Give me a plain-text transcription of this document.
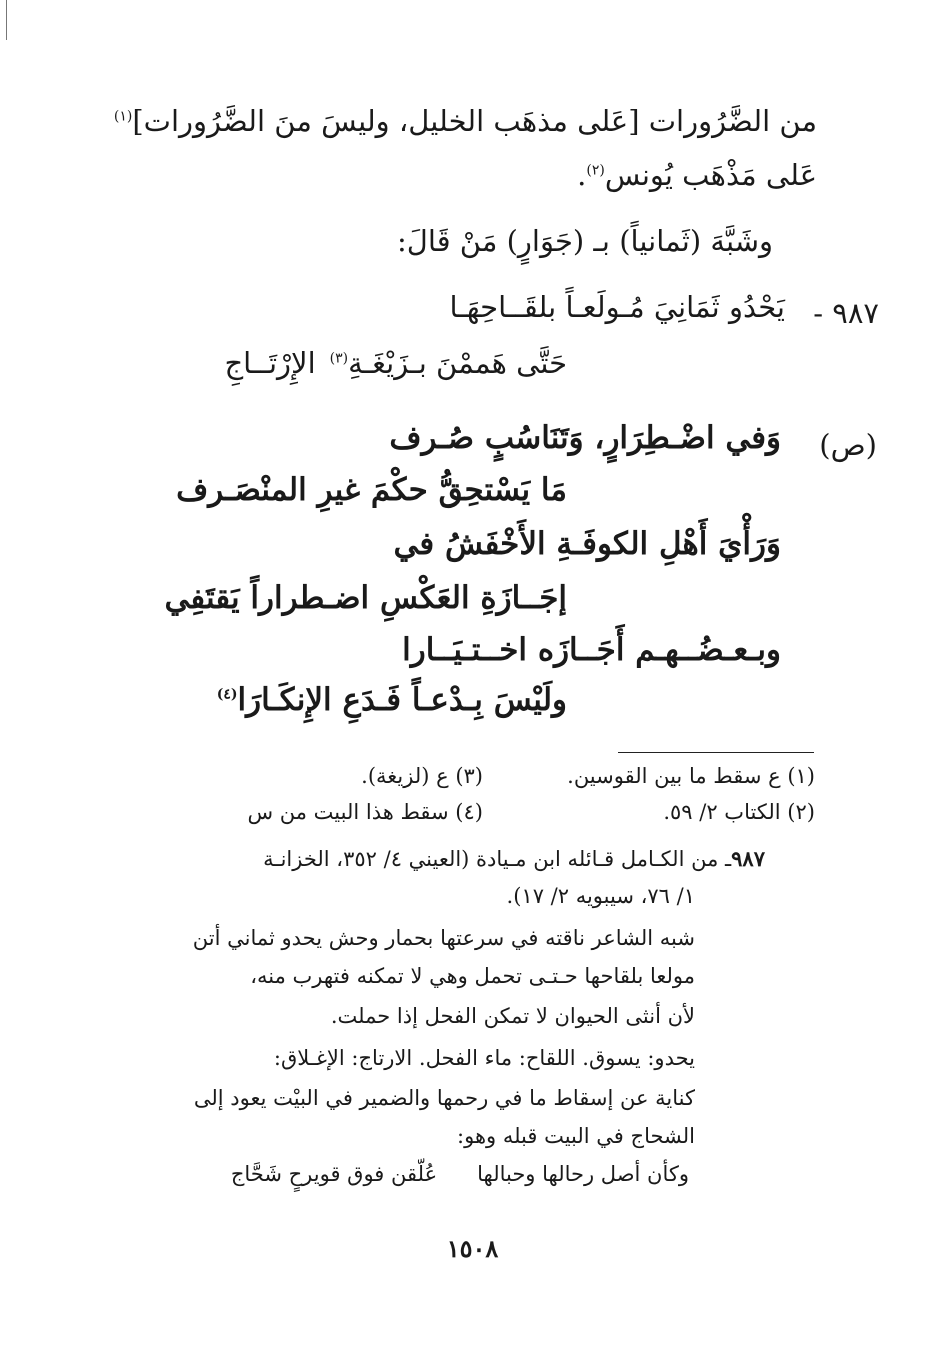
من الضَّرُورات [عَلى مذهَب الخليل، وليسَ منَ الضَّرُورات]$^{(١)}$
عَلى مَذْهَب يُونس$^{(٢)}$.
وشَبَّهَ (ثَمانياً) بـ (جَوَارٍ) مَنْ قَالَ:
٩٨٧ -
يَحْدُو ثَمَانِيَ مُـولَعـاً بلقَــاحِهَـا
حَتَّى هَممْنَ بـزَيْغَـةِ$^{(٣)}$الإِرْتَــاجِ
(ص)
وَفي اضْـطِرَارٍ، وَتَنَاسُبٍ صُـرف
مَا يَسْتحِقُّ حكْمَ غيرِ المنْصَـرف
وَرَأْيَ أَهْلِ الكوفَـةِ الأَخْفَشُ في
إجَــازَةِ العَكْسِ اضـطراراً يَقتَفِي
وبـعـضُــهـم أَجَــازَه اخــتـيَــارا
ولَيْسَ بِـدْعـاً فَـدَعِ الإِنكَـارَا$^{(٤)}$
(١) ع سقط ما بين القوسين.
(٣) ع (لزيغة).
(٢) الكتاب ٢/ ٥٩.
(٤) سقط هذا البيت من س
٩٨٧ـ من الكـامل قـائله ابن مـيادة (العيني ٤/ ٣٥٢، الخزانـة
١/ ٧٦، سيبويه ٢/ ١٧).
شبه الشاعر ناقته في سرعتها بحمار وحش يحدو ثماني أتن
مولعا بلقاحها حـتـى تحمل وهي لا تمكنه فتهرب منه،
لأن أنثى الحيوان لا تمكن الفحل إذا حملت.
يحدو: يسوق. اللقاح: ماء الفحل. الارتاج: الإغـلاق:
كناية عن إسقاط ما في رحمها والضمير في البيْت يعود إلى
الشحاج في البيت قبله وهو:
وكأن أصل رحالها وحبالهاعُلّقن فوق قويرحٍ شَحَّاج
١٥٠٨
